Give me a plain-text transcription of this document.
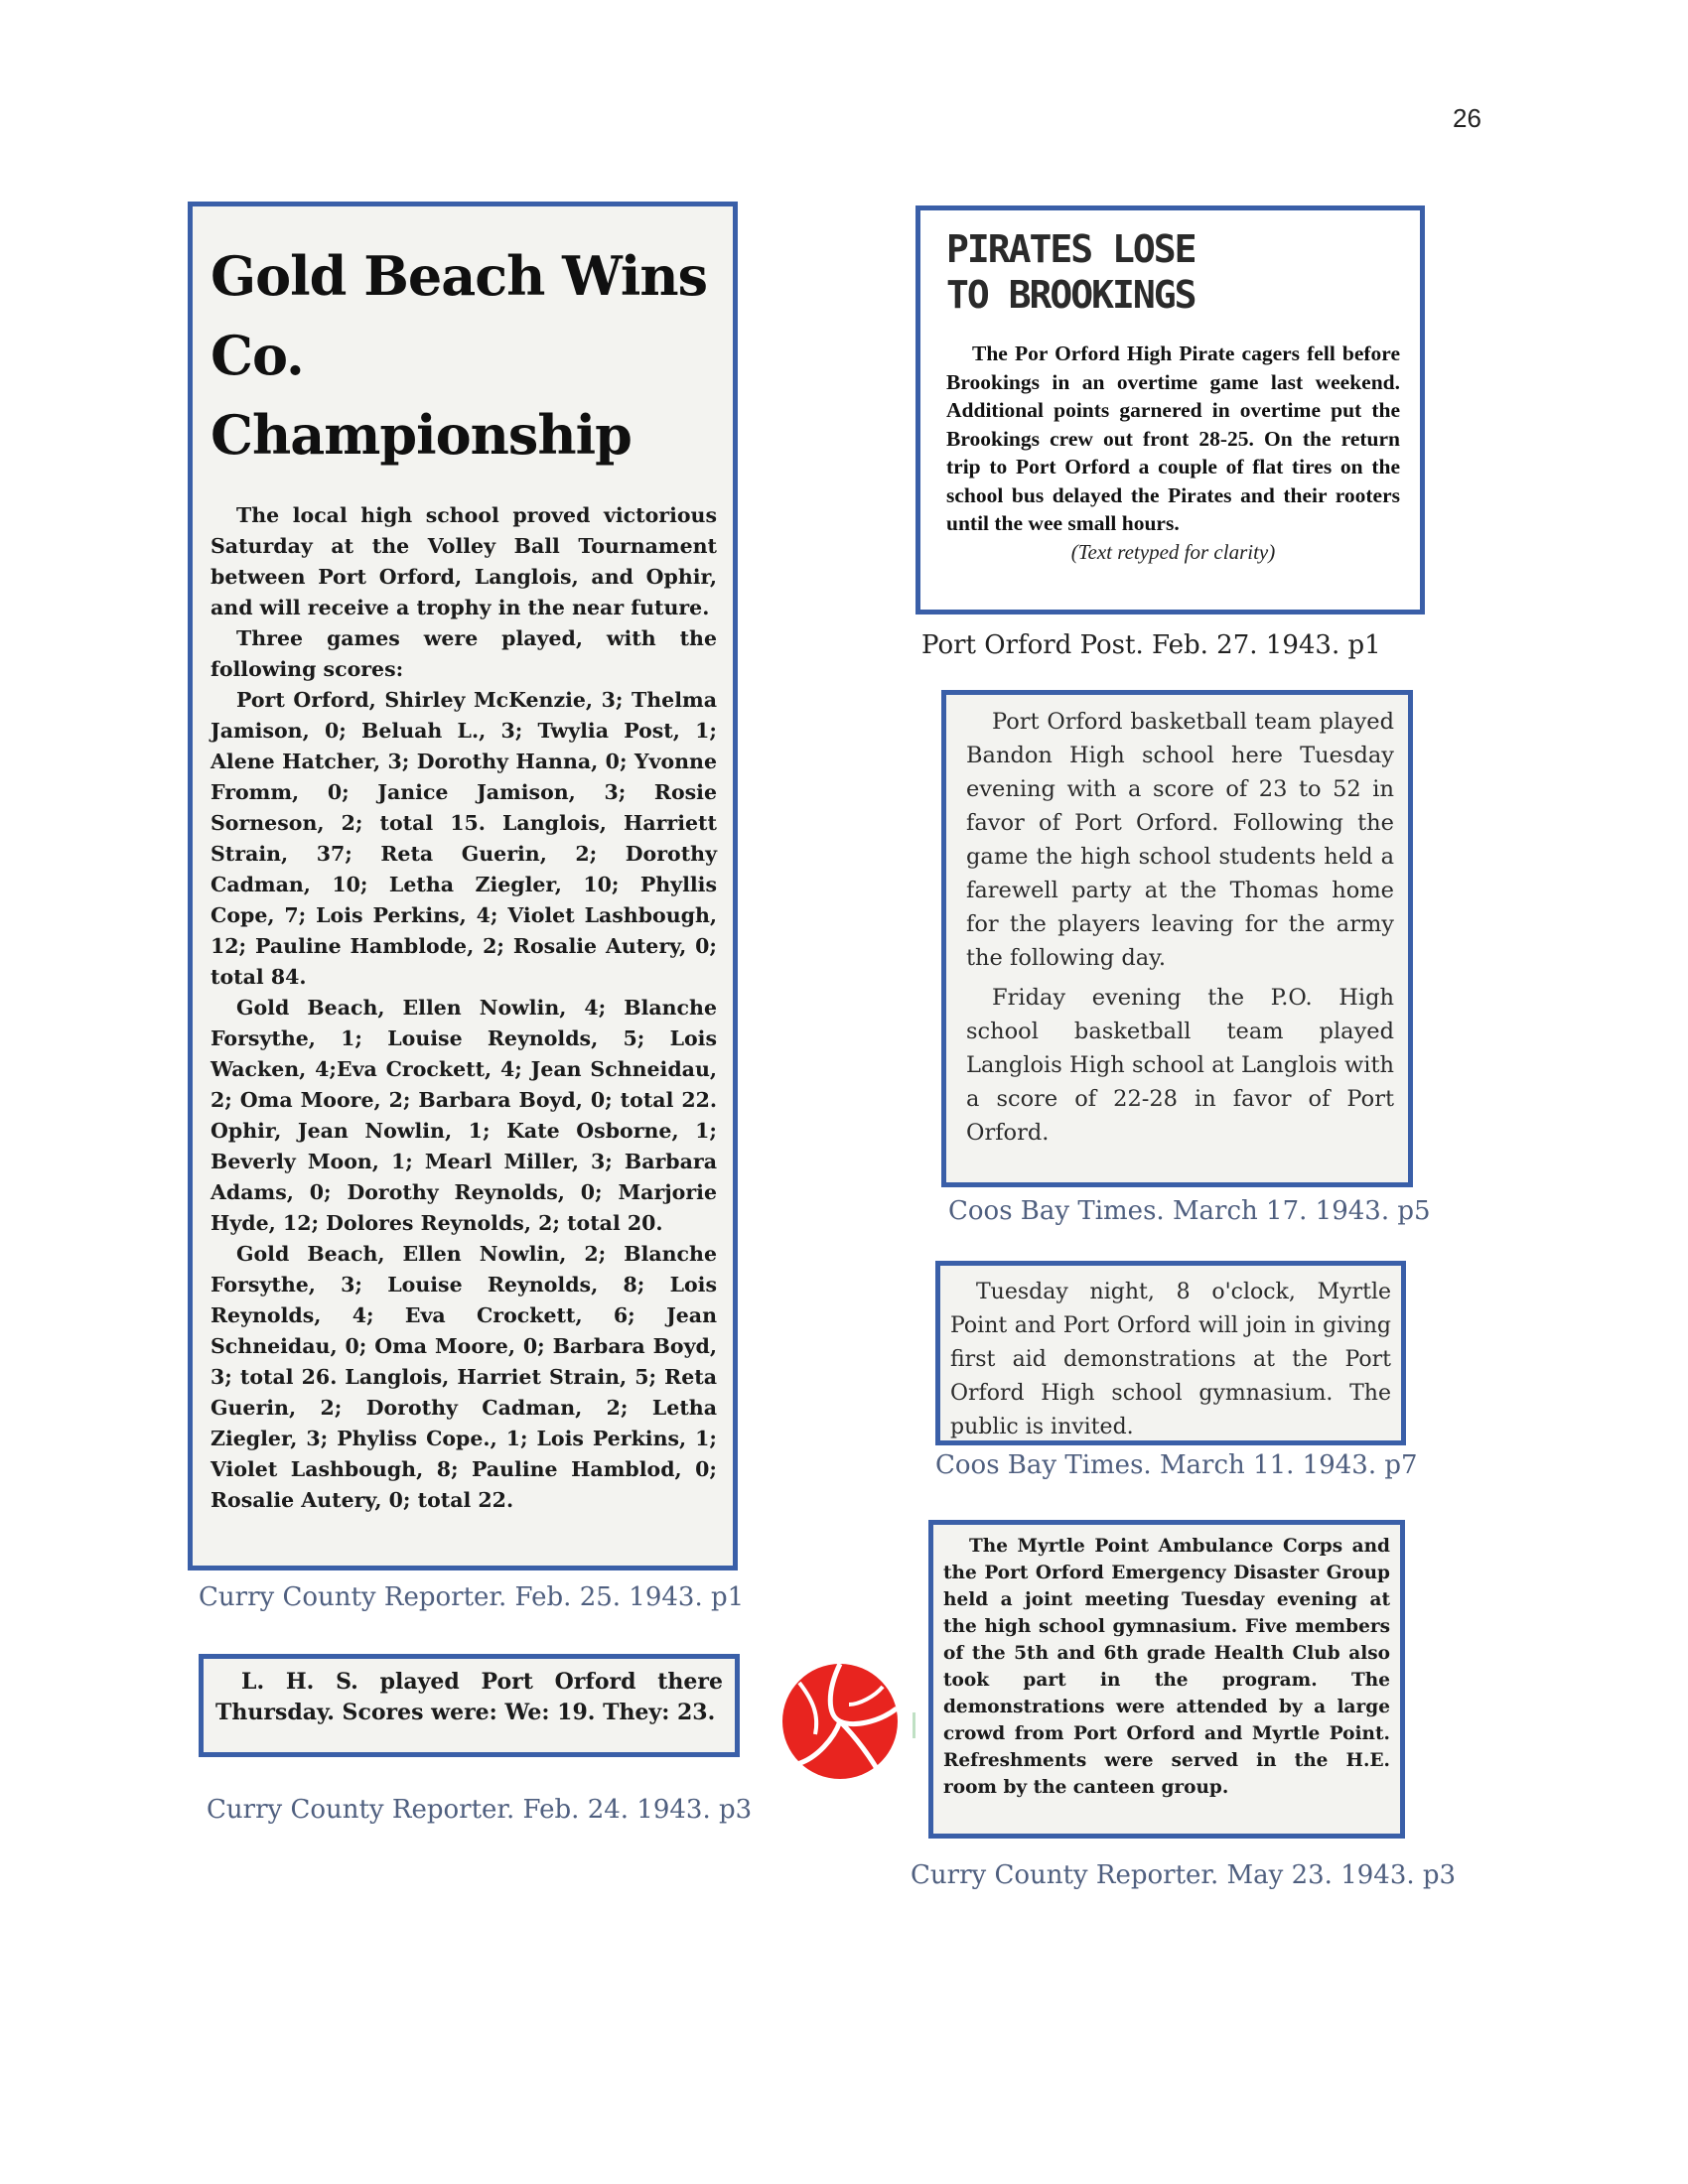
26
Gold Beach Wins
Co. Championship

The local high school proved victorious Saturday at the Volley Ball Tournament between Port Orford, Langlois, and Ophir, and will receive a trophy in the near future.

Three games were played, with the following scores:

Port Orford, Shirley McKenzie, 3; Thelma Jamison, 0; Beluah L., 3; Twylia Post, 1; Alene Hatcher, 3; Dorothy Hanna, 0; Yvonne Fromm, 0; Janice Jamison, 3; Rosie Sorneson, 2; total 15. Langlois, Harriett Strain, 37; Reta Guerin, 2; Dorothy Cadman, 10; Letha Ziegler, 10; Phyllis Cope, 7; Lois Perkins, 4; Violet Lashbough, 12; Pauline Hamblode, 2; Rosalie Autery, 0; total 84.

Gold Beach, Ellen Nowlin, 4; Blanche Forsythe, 1; Louise Reynolds, 5; Lois Wacken, 4;Eva Crockett, 4; Jean Schneidau, 2; Oma Moore, 2; Barbara Boyd, 0; total 22. Ophir, Jean Nowlin, 1; Kate Osborne, 1; Beverly Moon, 1; Mearl Miller, 3; Barbara Adams, 0; Dorothy Reynolds, 0; Marjorie Hyde, 12; Dolores Reynolds, 2; total 20.

Gold Beach, Ellen Nowlin, 2; Blanche Forsythe, 3; Louise Reynolds, 8; Lois Reynolds, 4; Eva Crockett, 6; Jean Schneidau, 0; Oma Moore, 0; Barbara Boyd, 3; total 26. Langlois, Harriet Strain, 5; Reta Guerin, 2; Dorothy Cadman, 2; Letha Ziegler, 3; Phyliss Cope., 1; Lois Perkins, 1; Violet Lashbough, 8; Pauline Hamblod, 0; Rosalie Autery, 0; total 22.

Curry County Reporter. Feb. 25. 1943. p1

L. H. S. played Port Orford there Thursday. Scores were: We: 19. They: 23.

Curry County Reporter. Feb. 24. 1943. p3
PIRATES LOSE
TO BROOKINGS

The Por Orford High Pirate cagers fell before Brookings in an overtime game last weekend. Additional points garnered in overtime put the Brookings crew out front 28-25. On the return trip to Port Orford a couple of flat tires on the school bus delayed the Pirates and their rooters until the wee small hours.

(Text retyped for clarity)

Port Orford Post. Feb. 27. 1943. p1

Port Orford basketball team played Bandon High school here Tuesday evening with a score of 23 to 52 in favor of Port Orford. Following the game the high school students held a farewell party at the Thomas home for the players leaving for the army the following day.

Friday evening the P.O. High school basketball team played Langlois High school at Langlois with a score of 22-28 in favor of Port Orford.

Coos Bay Times. March 17. 1943. p5

Tuesday night, 8 o'clock, Myrtle Point and Port Orford will join in giving first aid demonstrations at the Port Orford High school gymnasium. The public is invited.

Coos Bay Times. March 11. 1943. p7

The Myrtle Point Ambulance Corps and the Port Orford Emergency Disaster Group held a joint meeting Tuesday evening at the high school gymnasium. Five members of the 5th and 6th grade Health Club also took part in the program. The demonstrations were attended by a large crowd from Port Orford and Myrtle Point. Refreshments were served in the H.E. room by the canteen group.

Curry County Reporter. May 23. 1943. p3
